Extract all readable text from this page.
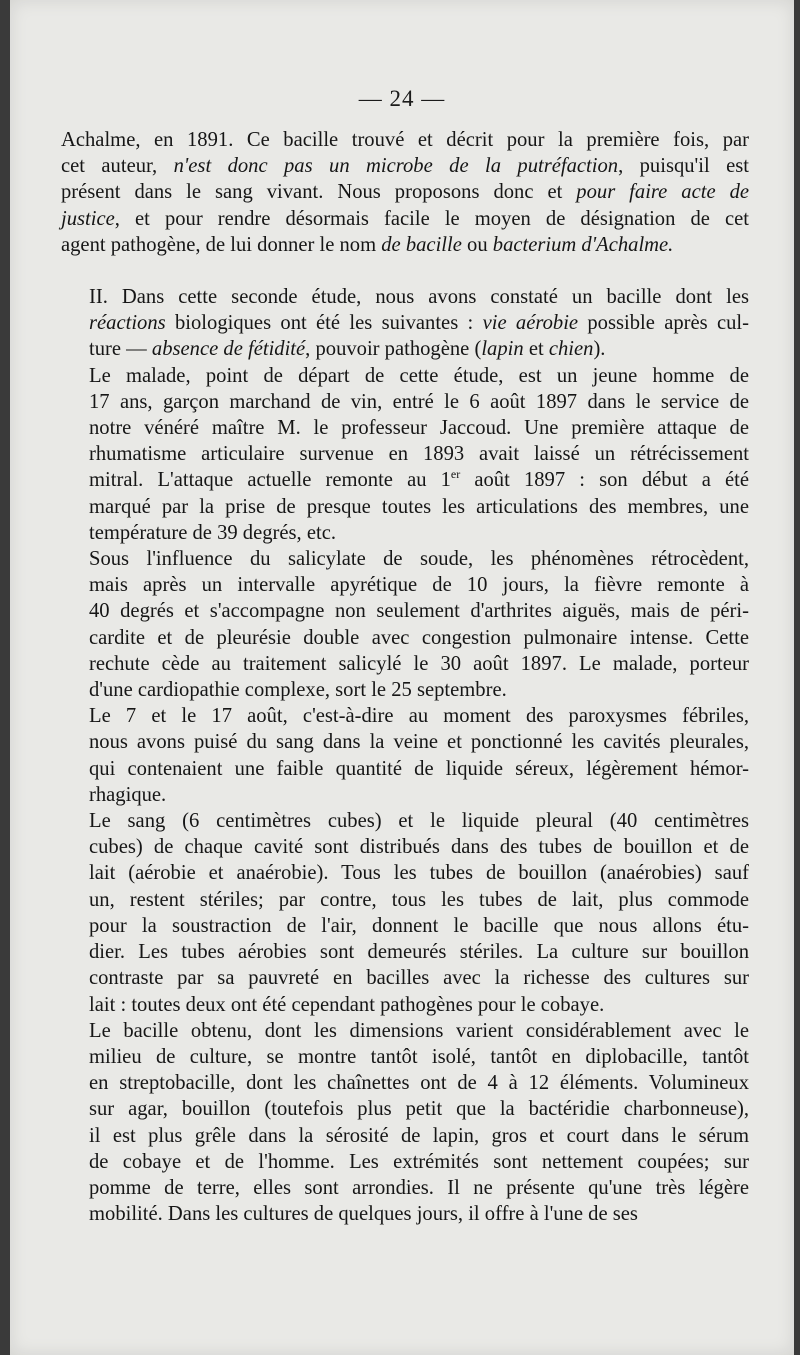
— 24 —
Achalme, en 1891. Ce bacille trouvé et décrit pour la première fois, par
cet auteur, n'est donc pas un microbe de la putréfaction, puisqu'il est
présent dans le sang vivant. Nous proposons donc et pour faire acte de
justice, et pour rendre désormais facile le moyen de désignation de cet
agent pathogène, de lui donner le nom de bacille ou bacterium d'Achalme.
II. Dans cette seconde étude, nous avons constaté un bacille dont les
réactions biologiques ont été les suivantes : vie aérobie possible après cul-
ture — absence de fétidité, pouvoir pathogène (lapin et chien).
Le malade, point de départ de cette étude, est un jeune homme de
17 ans, garçon marchand de vin, entré le 6 août 1897 dans le service de
notre vénéré maître M. le professeur Jaccoud. Une première attaque de
rhumatisme articulaire survenue en 1893 avait laissé un rétrécissement
mitral. L'attaque actuelle remonte au 1er août 1897 : son début a été
marqué par la prise de presque toutes les articulations des membres, une
température de 39 degrés, etc.
Sous l'influence du salicylate de soude, les phénomènes rétrocèdent,
mais après un intervalle apyrétique de 10 jours, la fièvre remonte à
40 degrés et s'accompagne non seulement d'arthrites aiguës, mais de péri-
cardite et de pleurésie double avec congestion pulmonaire intense. Cette
rechute cède au traitement salicylé le 30 août 1897. Le malade, porteur
d'une cardiopathie complexe, sort le 25 septembre.
Le 7 et le 17 août, c'est-à-dire au moment des paroxysmes fébriles,
nous avons puisé du sang dans la veine et ponctionné les cavités pleurales,
qui contenaient une faible quantité de liquide séreux, légèrement hémor-
rhagique.
Le sang (6 centimètres cubes) et le liquide pleural (40 centimètres
cubes) de chaque cavité sont distribués dans des tubes de bouillon et de
lait (aérobie et anaérobie). Tous les tubes de bouillon (anaérobies) sauf
un, restent stériles; par contre, tous les tubes de lait, plus commode
pour la soustraction de l'air, donnent le bacille que nous allons étu-
dier. Les tubes aérobies sont demeurés stériles. La culture sur bouillon
contraste par sa pauvreté en bacilles avec la richesse des cultures sur
lait : toutes deux ont été cependant pathogènes pour le cobaye.
Le bacille obtenu, dont les dimensions varient considérablement avec le
milieu de culture, se montre tantôt isolé, tantôt en diplobacille, tantôt
en streptobacille, dont les chaînettes ont de 4 à 12 éléments. Volumineux
sur agar, bouillon (toutefois plus petit que la bactéridie charbonneuse),
il est plus grêle dans la sérosité de lapin, gros et court dans le sérum
de cobaye et de l'homme. Les extrémités sont nettement coupées; sur
pomme de terre, elles sont arrondies. Il ne présente qu'une très légère
mobilité. Dans les cultures de quelques jours, il offre à l'une de ses
